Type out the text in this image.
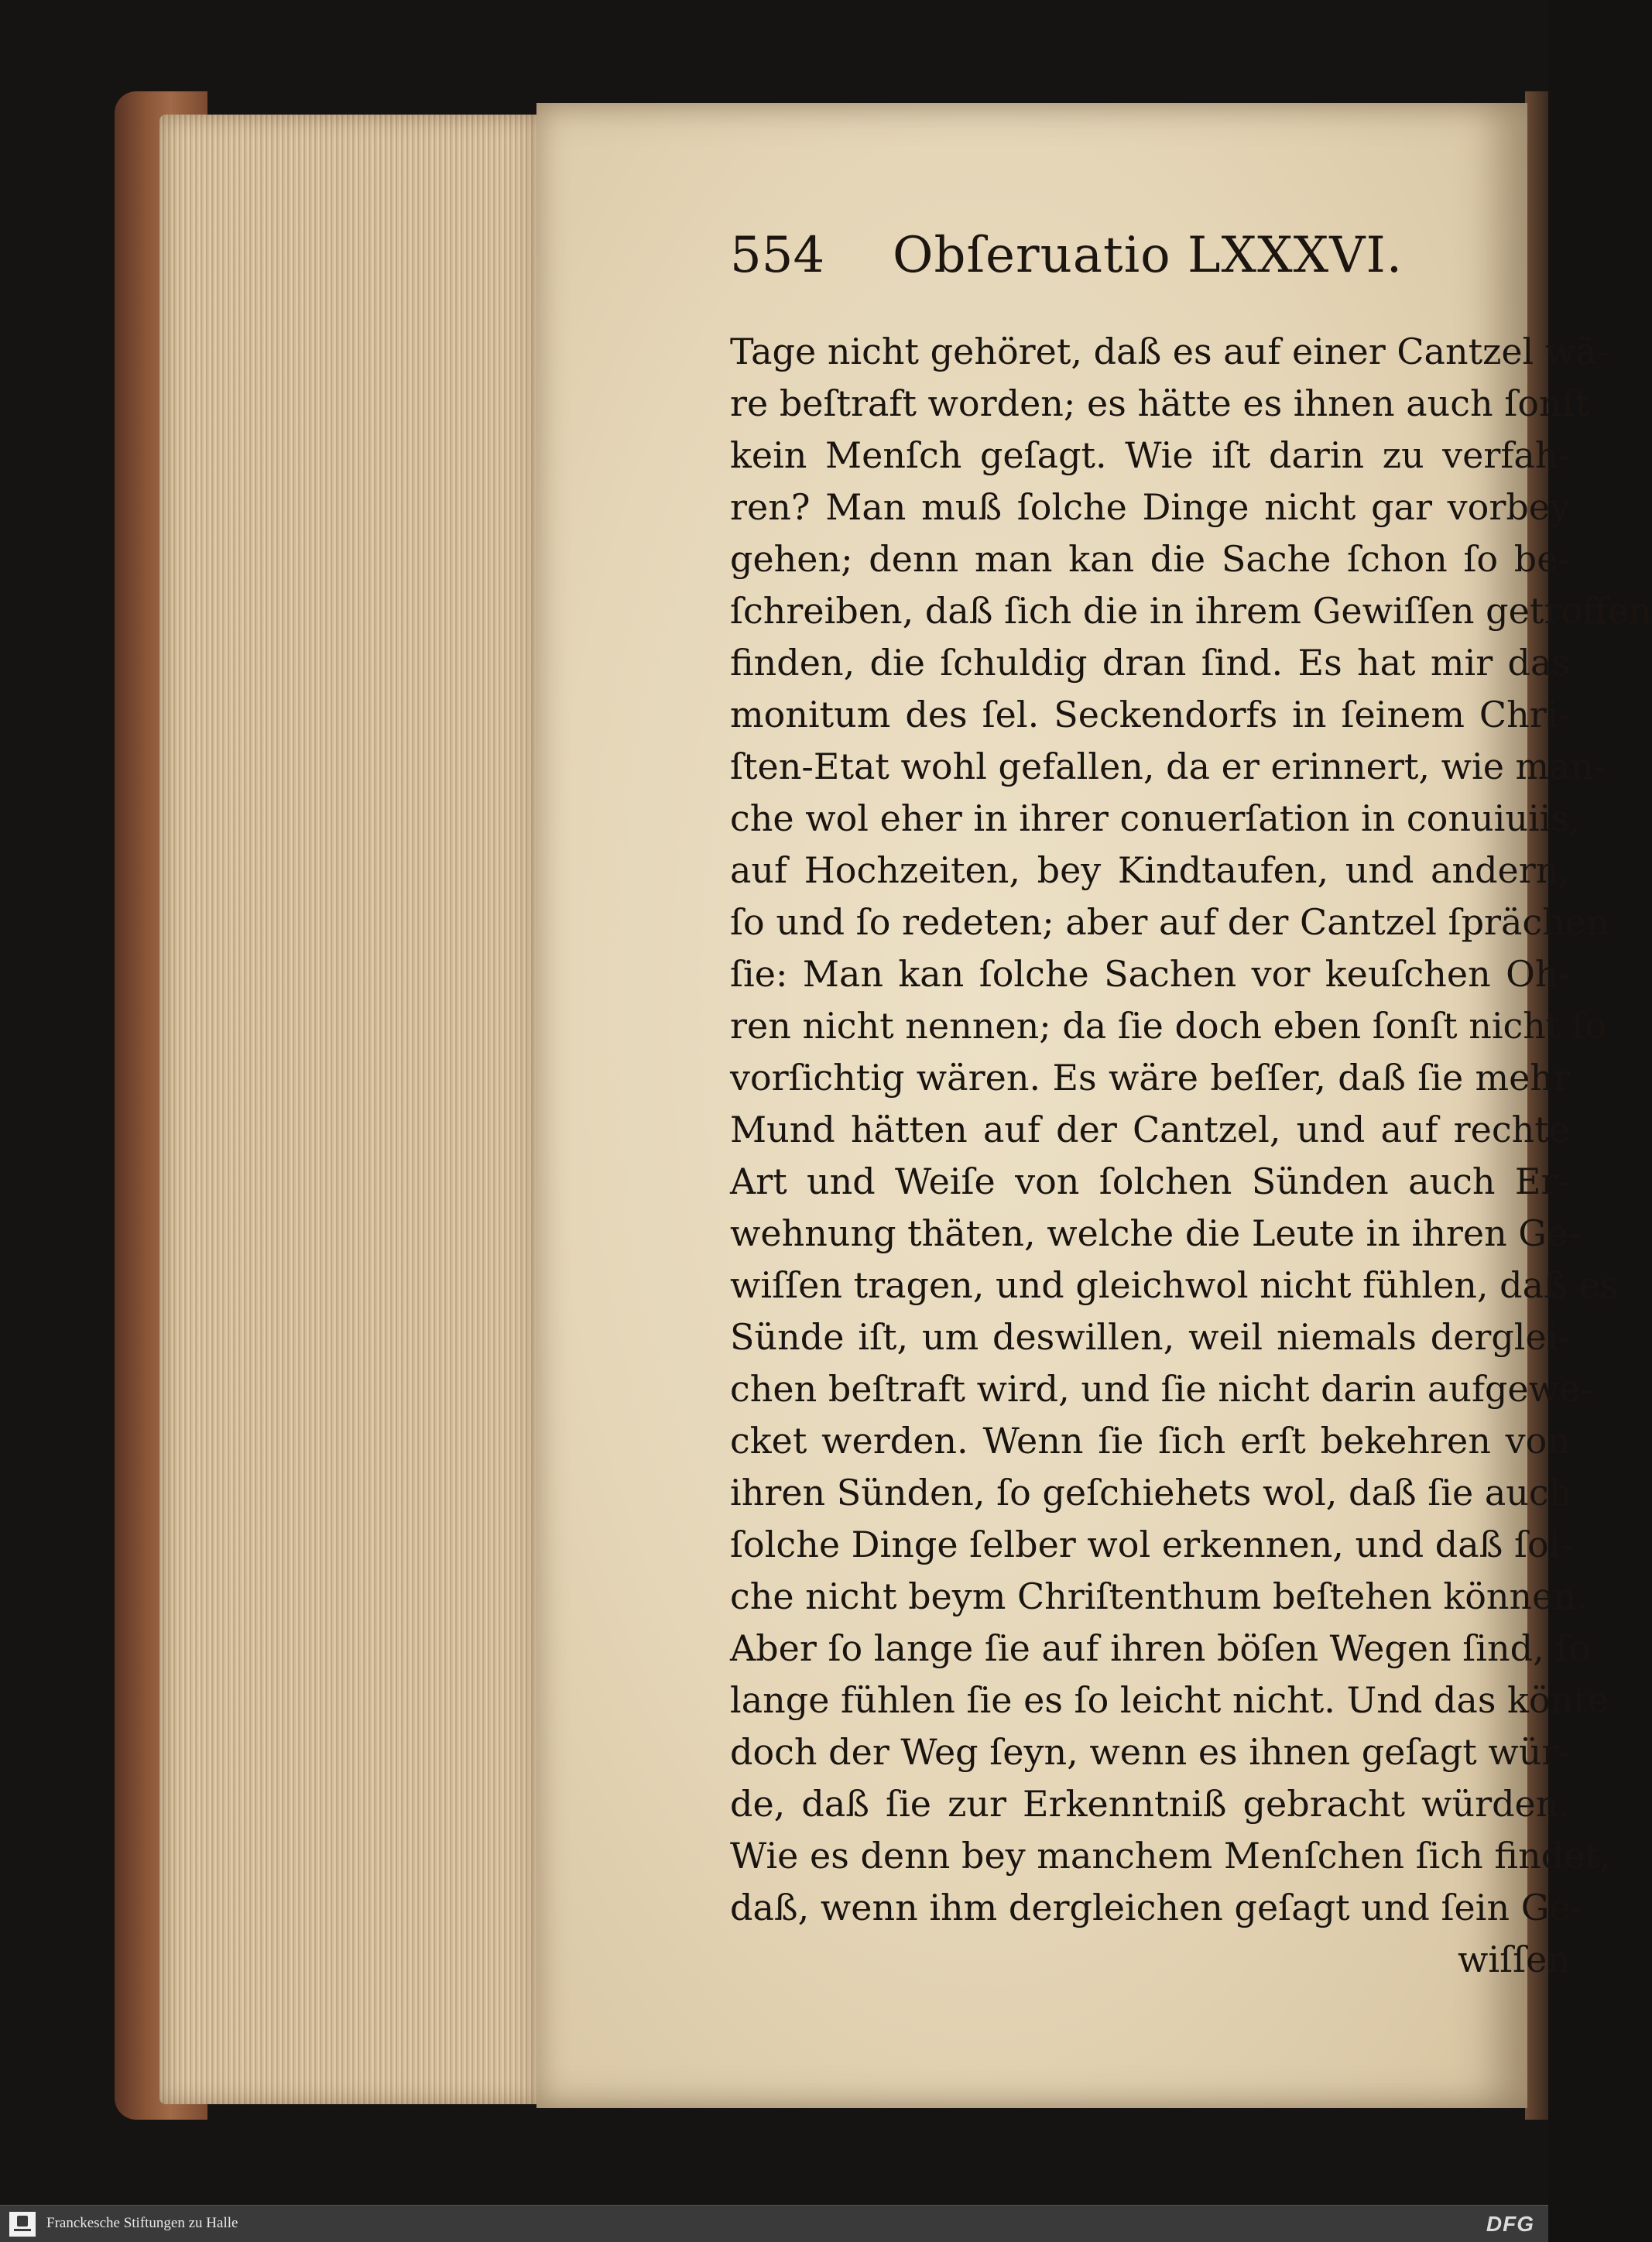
554 Obſeruatio LXXXVI.
Tage nicht gehöret, daß es auf einer Cantzel wä-
re beſtraft worden; es hätte es ihnen auch ſonſt
kein Menſch geſagt. Wie iſt darin zu verfah-
ren? Man muß ſolche Dinge nicht gar vorbey
gehen; denn man kan die Sache ſchon ſo be-
ſchreiben, daß ſich die in ihrem Gewiſſen getroffen
finden, die ſchuldig dran ſind. Es hat mir das
monitum des ſel. Seckendorfs in ſeinem Chri-
ſten-Etat wohl gefallen, da er erinnert, wie man-
che wol eher in ihrer conuerſation in conuiuiis,
auf Hochzeiten, bey Kindtaufen, und andern,
ſo und ſo redeten; aber auf der Cantzel ſprächen
ſie: Man kan ſolche Sachen vor keuſchen Oh-
ren nicht nennen; da ſie doch eben ſonſt nicht ſo
vorſichtig wären. Es wäre beſſer, daß ſie mehr
Mund hätten auf der Cantzel, und auf rechte
Art und Weiſe von ſolchen Sünden auch Er-
wehnung thäten, welche die Leute in ihren Ge-
wiſſen tragen, und gleichwol nicht fühlen, daß es
Sünde iſt, um deswillen, weil niemals derglei-
chen beſtraft wird, und ſie nicht darin aufgewe-
cket werden. Wenn ſie ſich erſt bekehren von
ihren Sünden, ſo geſchiehets wol, daß ſie auch
ſolche Dinge ſelber wol erkennen, und daß ſol-
che nicht beym Chriſtenthum beſtehen können.
Aber ſo lange ſie auf ihren böſen Wegen ſind, ſo
lange fühlen ſie es ſo leicht nicht. Und das könte
doch der Weg ſeyn, wenn es ihnen geſagt wür-
de, daß ſie zur Erkenntniß gebracht würden.
Wie es denn bey manchem Menſchen ſich findet,
daß, wenn ihm dergleichen geſagt und ſein Ge-
wiſſen
Franckesche Stiftungen zu Halle	DFG
